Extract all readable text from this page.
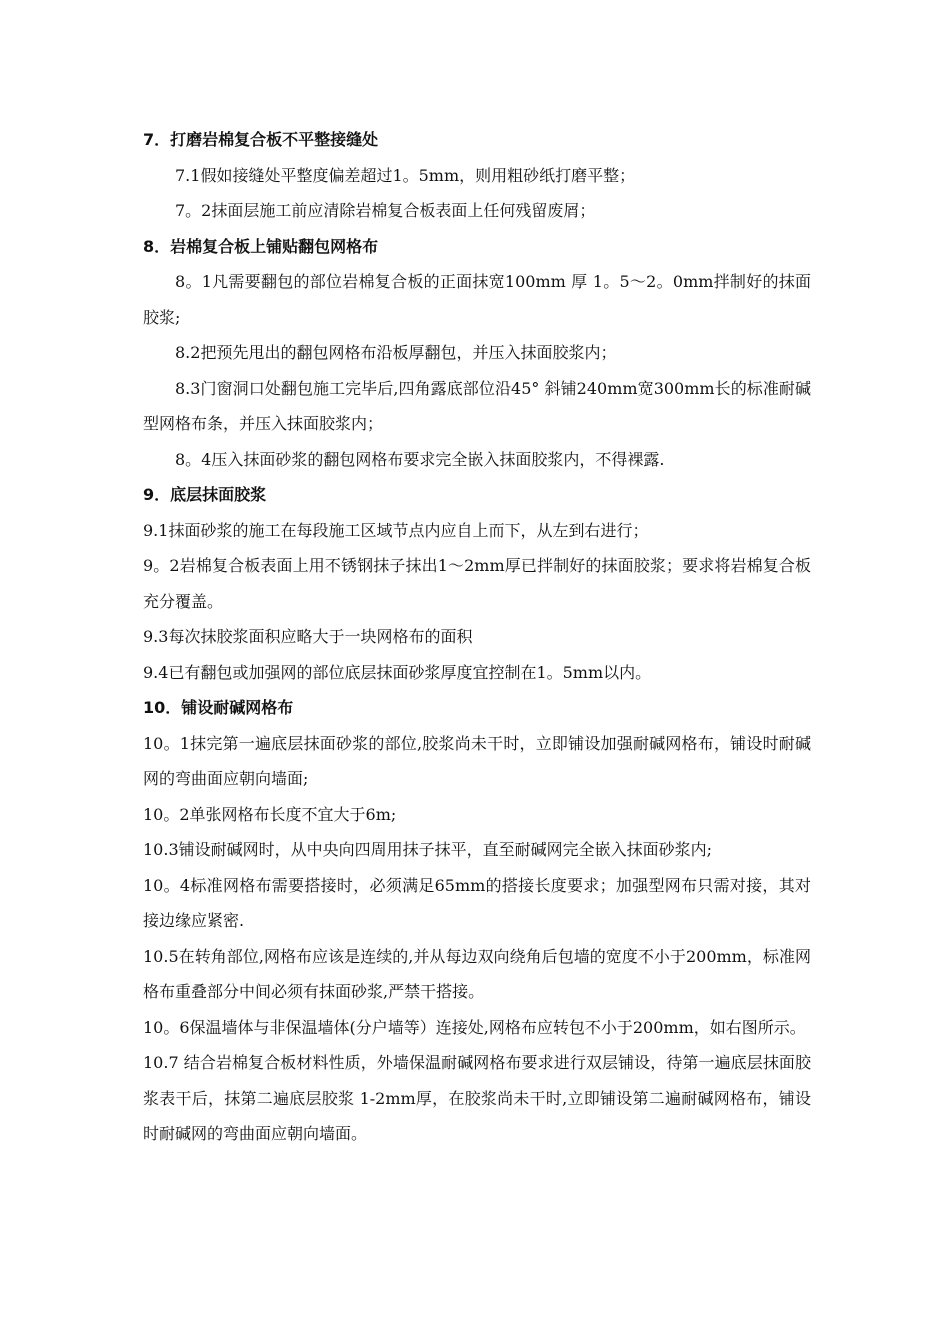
7．打磨岩棉复合板不平整接缝处

7.1假如接缝处平整度偏差超过1。5mm，则用粗砂纸打磨平整；

7。2抹面层施工前应清除岩棉复合板表面上任何残留废屑；

8．岩棉复合板上铺贴翻包网格布

8。1凡需要翻包的部位岩棉复合板的正面抹宽100mm 厚 1。5～2。0mm拌制好的抹面胶浆;

8.2把预先甩出的翻包网格布沿板厚翻包，并压入抹面胶浆内；

8.3门窗洞口处翻包施工完毕后,四角露底部位沿45° 斜铺240mm宽300mm长的标准耐碱型网格布条，并压入抹面胶浆内；

8。4压入抹面砂浆的翻包网格布要求完全嵌入抹面胶浆内，不得裸露.

9．底层抹面胶浆

9.1抹面砂浆的施工在每段施工区域节点内应自上而下，从左到右进行；

9。2岩棉复合板表面上用不锈钢抹子抹出1～2mm厚已拌制好的抹面胶浆；要求将岩棉复合板充分覆盖。

9.3每次抹胶浆面积应略大于一块网格布的面积

9.4已有翻包或加强网的部位底层抹面砂浆厚度宜控制在1。5mm以内。

10．铺设耐碱网格布

10。1抹完第一遍底层抹面砂浆的部位,胶浆尚未干时，立即铺设加强耐碱网格布，铺设时耐碱网的弯曲面应朝向墙面;

10。2单张网格布长度不宜大于6m;

10.3铺设耐碱网时，从中央向四周用抹子抹平，直至耐碱网完全嵌入抹面砂浆内;

10。4标准网格布需要搭接时，必须满足65mm的搭接长度要求；加强型网布只需对接，其对接边缘应紧密.

10.5在转角部位,网格布应该是连续的,并从每边双向绕角后包墙的宽度不小于200mm，标准网格布重叠部分中间必须有抹面砂浆,严禁干搭接。

10。6保温墙体与非保温墙体(分户墙等）连接处,网格布应转包不小于200mm，如右图所示。

10.7 结合岩棉复合板材料性质，外墙保温耐碱网格布要求进行双层铺设，待第一遍底层抹面胶浆表干后，抹第二遍底层胶浆 1-2mm厚，在胶浆尚未干时,立即铺设第二遍耐碱网格布，铺设时耐碱网的弯曲面应朝向墙面。
